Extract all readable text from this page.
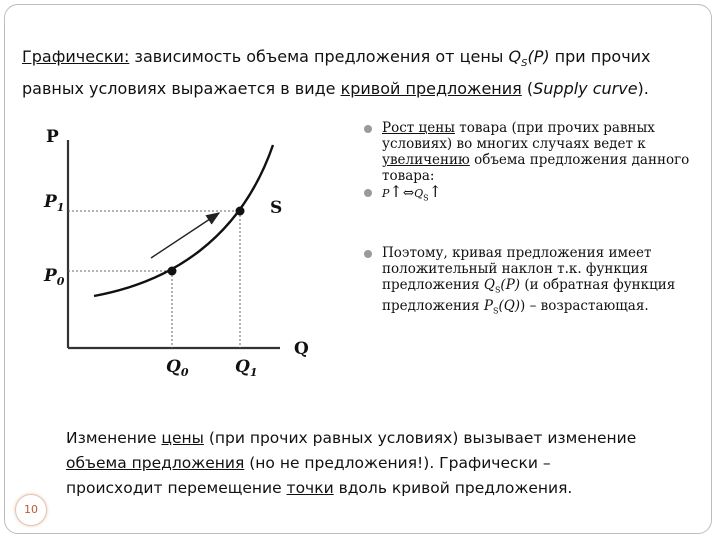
Графически: зависимость объема предложения от цены $Q_S(P)$ при прочих равных условиях выражается в виде кривой предложения (Supply curve).
P
Q
$P_1$
$P_0$
$Q_0$	$Q_1$
S
Рост цены товара (при прочих равных условиях) во многих случаях ведет к увеличению объема предложения данного товара:
$P↑\Leftrightarrow Q_S↑$
Поэтому, кривая предложения имеет положительный наклон т.к. функция предложения $Q_S(P)$ (и обратная функция предложения $P_S(Q)$) – возрастающая.
Изменение цены (при прочих равных условиях) вызывает изменение объема предложения (но не предложения!). Графически – происходит перемещение точки вдоль кривой предложения.
10
